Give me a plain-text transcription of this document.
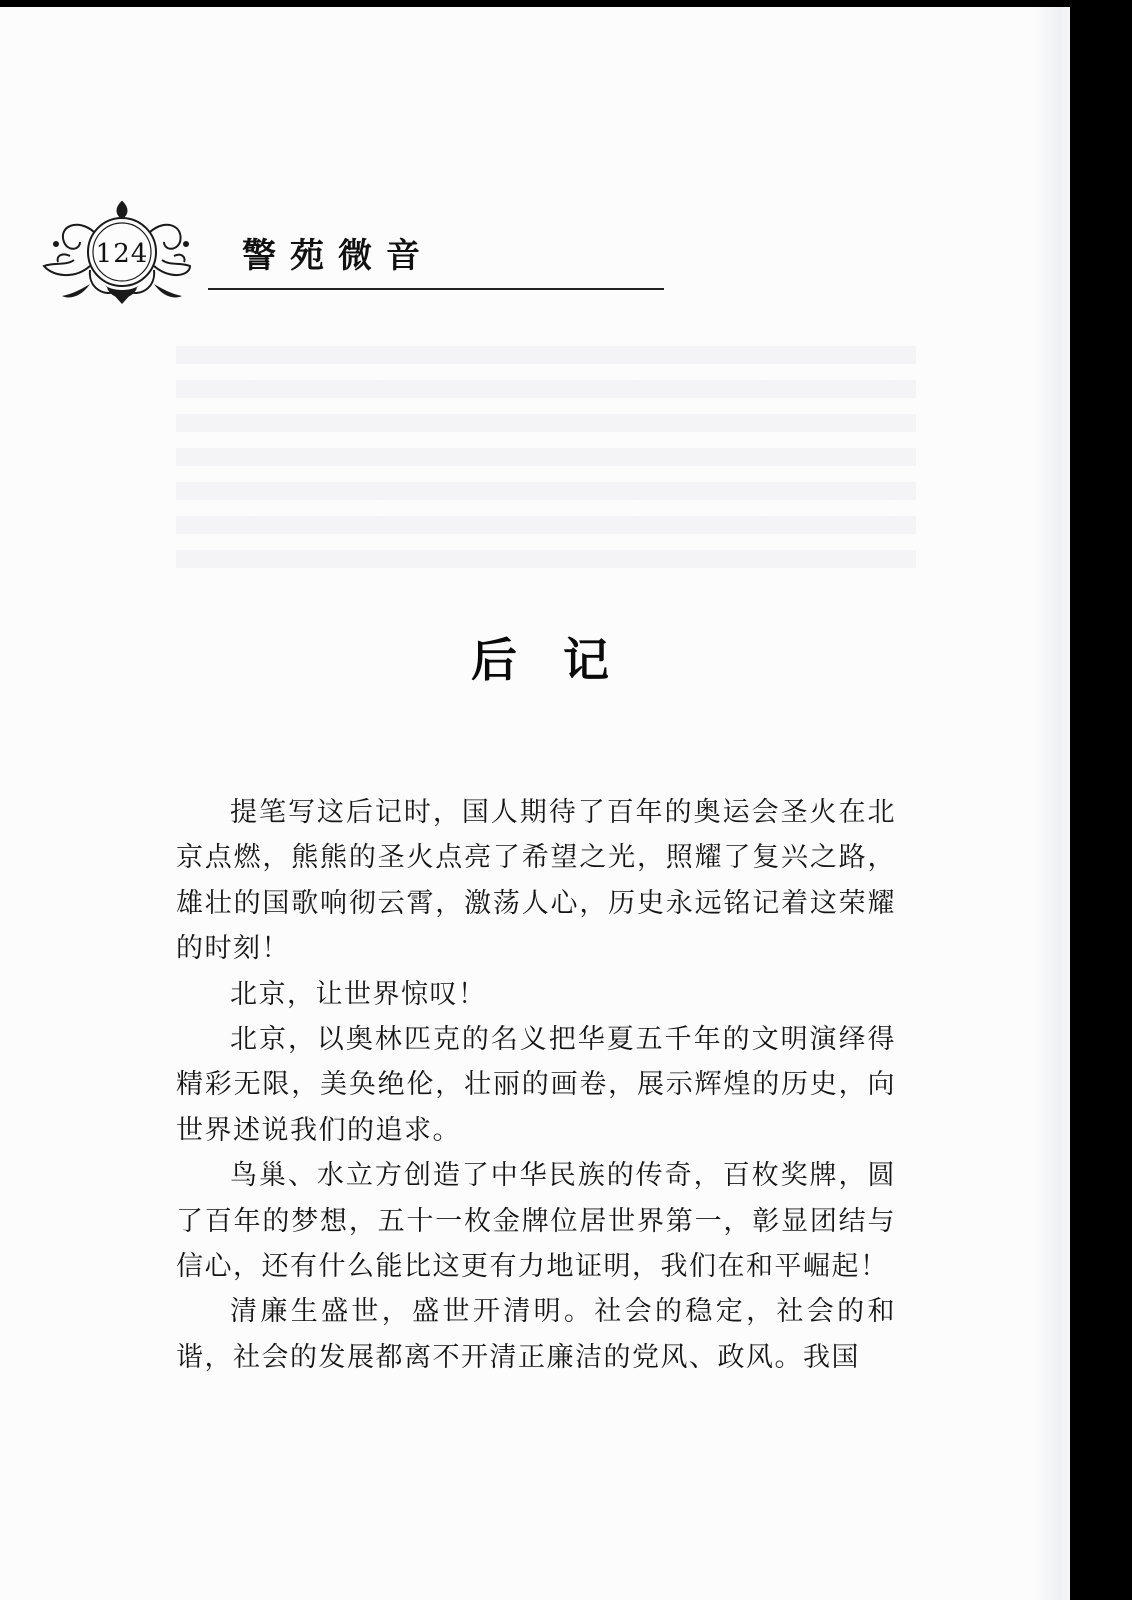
124	警苑微音
后　记

提笔写这后记时，国人期待了百年的奥运会圣火在北京点燃，熊熊的圣火点亮了希望之光，照耀了复兴之路，雄壮的国歌响彻云霄，激荡人心，历史永远铭记着这荣耀的时刻！

北京，让世界惊叹！

北京，以奥林匹克的名义把华夏五千年的文明演绎得精彩无限，美奂绝伦，壮丽的画卷，展示辉煌的历史，向世界述说我们的追求。

鸟巢、水立方创造了中华民族的传奇，百枚奖牌，圆了百年的梦想，五十一枚金牌位居世界第一，彰显团结与信心，还有什么能比这更有力地证明，我们在和平崛起！

清廉生盛世，盛世开清明。社会的稳定，社会的和谐，社会的发展都离不开清正廉洁的党风、政风。我国
